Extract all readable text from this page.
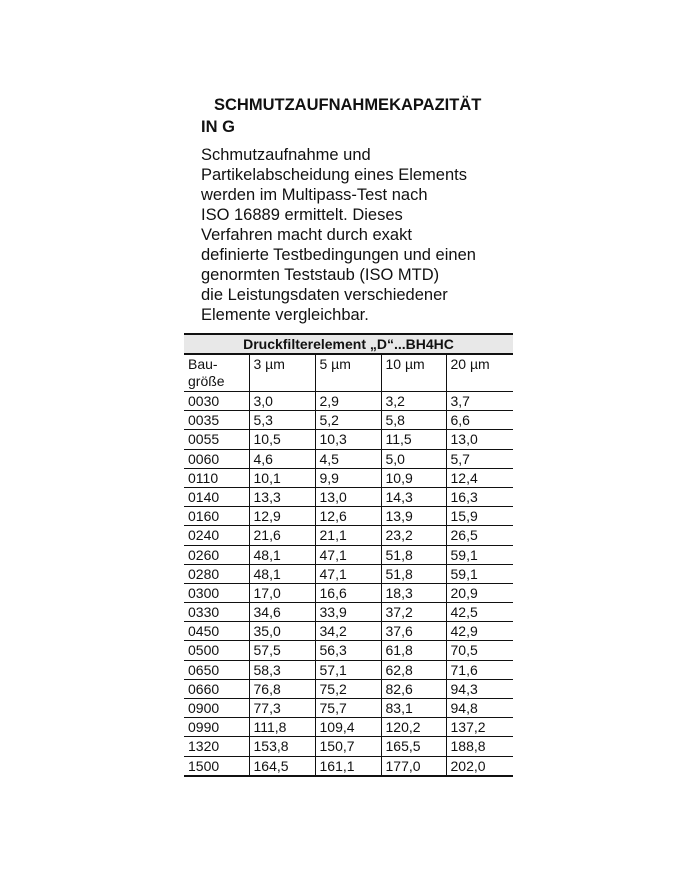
SCHMUTZAUFNAHMEKAPAZITÄT
IN G
Schmutzaufnahme und
Partikelabscheidung eines Elements
werden im Multipass-Test nach
ISO 16889 ermittelt. Dieses
Verfahren macht durch exakt
definierte Testbedingungen und einen
genormten Teststaub (ISO MTD)
die Leistungsdaten verschiedener
Elemente vergleichbar.
Druckfilterelement „D“...BH4HC				
Bau-
größe	3 µm	5 µm	10 µm	20 µm
0030	3,0	2,9	3,2	3,7
0035	5,3	5,2	5,8	6,6
0055	10,5	10,3	11,5	13,0
0060	4,6	4,5	5,0	5,7
0110	10,1	9,9	10,9	12,4
0140	13,3	13,0	14,3	16,3
0160	12,9	12,6	13,9	15,9
0240	21,6	21,1	23,2	26,5
0260	48,1	47,1	51,8	59,1
0280	48,1	47,1	51,8	59,1
0300	17,0	16,6	18,3	20,9
0330	34,6	33,9	37,2	42,5
0450	35,0	34,2	37,6	42,9
0500	57,5	56,3	61,8	70,5
0650	58,3	57,1	62,8	71,6
0660	76,8	75,2	82,6	94,3
0900	77,3	75,7	83,1	94,8
0990	111,8	109,4	120,2	137,2
1320	153,8	150,7	165,5	188,8
1500	164,5	161,1	177,0	202,0
